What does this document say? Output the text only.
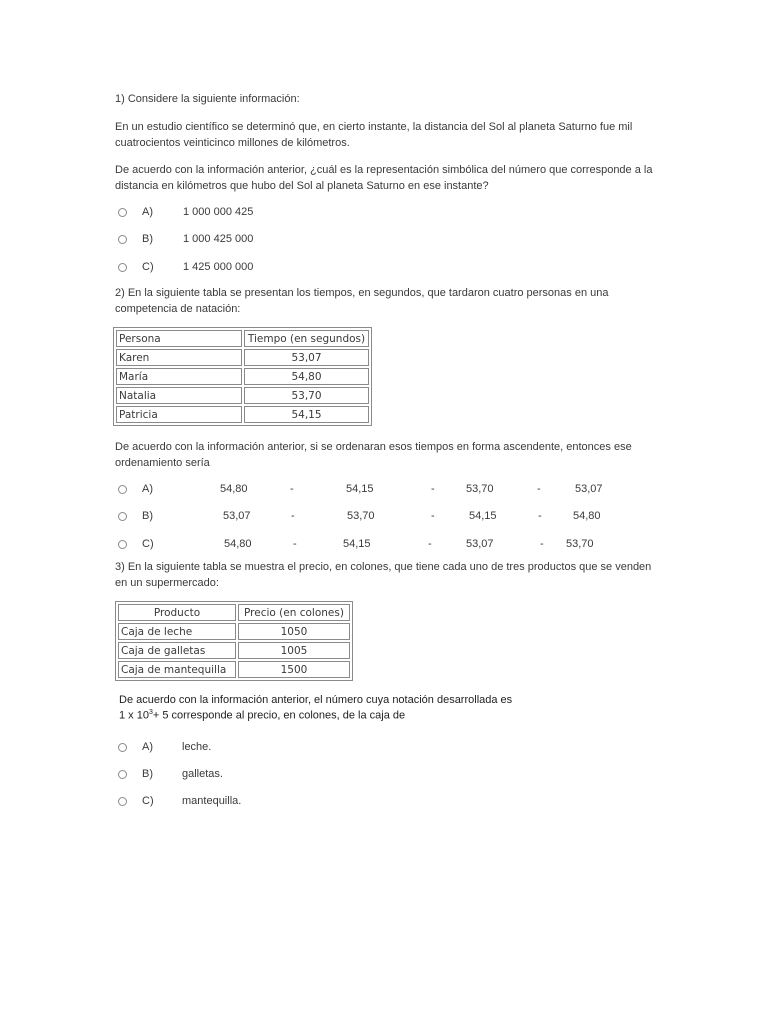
1) Considere la siguiente información:
En un estudio científico se determinó que, en cierto instante, la distancia del Sol al planeta Saturno fue mil cuatrocientos veinticinco millones de kilómetros.
De acuerdo con la información anterior, ¿cuál es la representación simbólica del número que corresponde a la distancia en kilómetros que hubo del Sol al planeta Saturno en ese instante?
A)	1 000 000 425
B)	1 000 425 000
C)	1 425 000 000
2) En la siguiente tabla se presentan los tiempos, en segundos, que tardaron cuatro personas en una competencia de natación:
Persona	Tiempo (en segundos)
Karen	53,07
María	54,80
Natalia	53,70
Patricia	54,15
De acuerdo con la información anterior, si se ordenaran esos tiempos en forma ascendente, entonces ese ordenamiento sería
A)	54,80	-	54,15	-	53,70	-	53,07
B)	53,07	-	53,70	-	54,15	-	54,80
C)	54,80	-	54,15	-	53,07	- 53,70
3) En la siguiente tabla se muestra el precio, en colones, que tiene cada uno de tres productos que se venden en un supermercado:
Producto	Precio (en colones)
Caja de leche	1050
Caja de galletas	1005
Caja de mantequilla	1500
De acuerdo con la información anterior, el número cuya notación desarrollada es
1 x $10^3+ 5$ corresponde al precio, en colones, de la caja de
A)	leche.
B)	galletas.
C)	mantequilla.
